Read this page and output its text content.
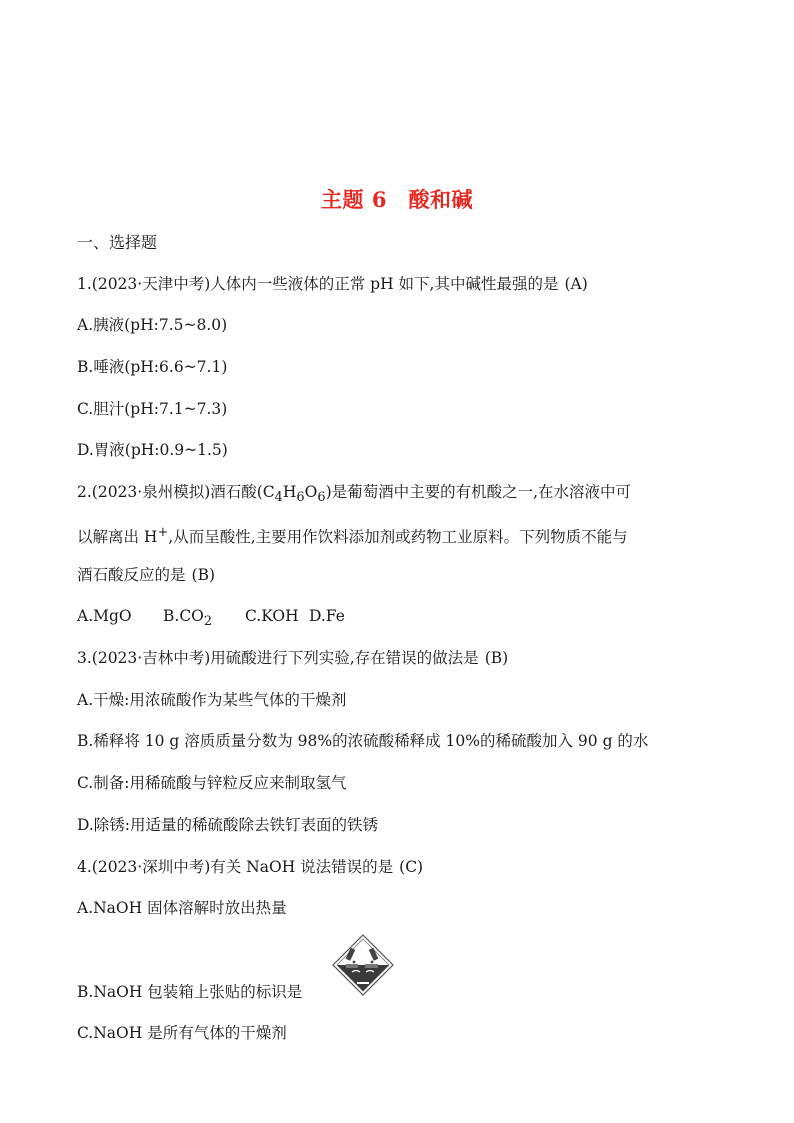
主题 6　酸和碱
一、选择题
1.(2023·天津中考)人体内一些液体的正常 pH 如下,其中碱性最强的是 (A)
A.胰液(pH:7.5~8.0)
B.唾液(pH:6.6~7.1)
C.胆汁(pH:7.1~7.3)
D.胃液(pH:0.9~1.5)
2.(2023·泉州模拟)酒石酸$(C_4H_6O_6)$是葡萄酒中主要的有机酸之一,在水溶液中可
以解离出 H+,从而呈酸性,主要用作饮料添加剂或药物工业原料。下列物质不能与
酒石酸反应的是 (B)
A.MgO $B.CO_2$ C.KOH D.Fe
3.(2023·吉林中考)用硫酸进行下列实验,存在错误的做法是 (B)
A.干燥:用浓硫酸作为某些气体的干燥剂
B.稀释将 10 g 溶质质量分数为 98%的浓硫酸稀释成 10%的稀硫酸加入 90 g 的水
C.制备:用稀硫酸与锌粒反应来制取氢气
D.除锈:用适量的稀硫酸除去铁钉表面的铁锈
4.(2023·深圳中考)有关 NaOH 说法错误的是 (C)
A.NaOH 固体溶解时放出热量
B.NaOH 包装箱上张贴的标识是
C.NaOH 是所有气体的干燥剂
